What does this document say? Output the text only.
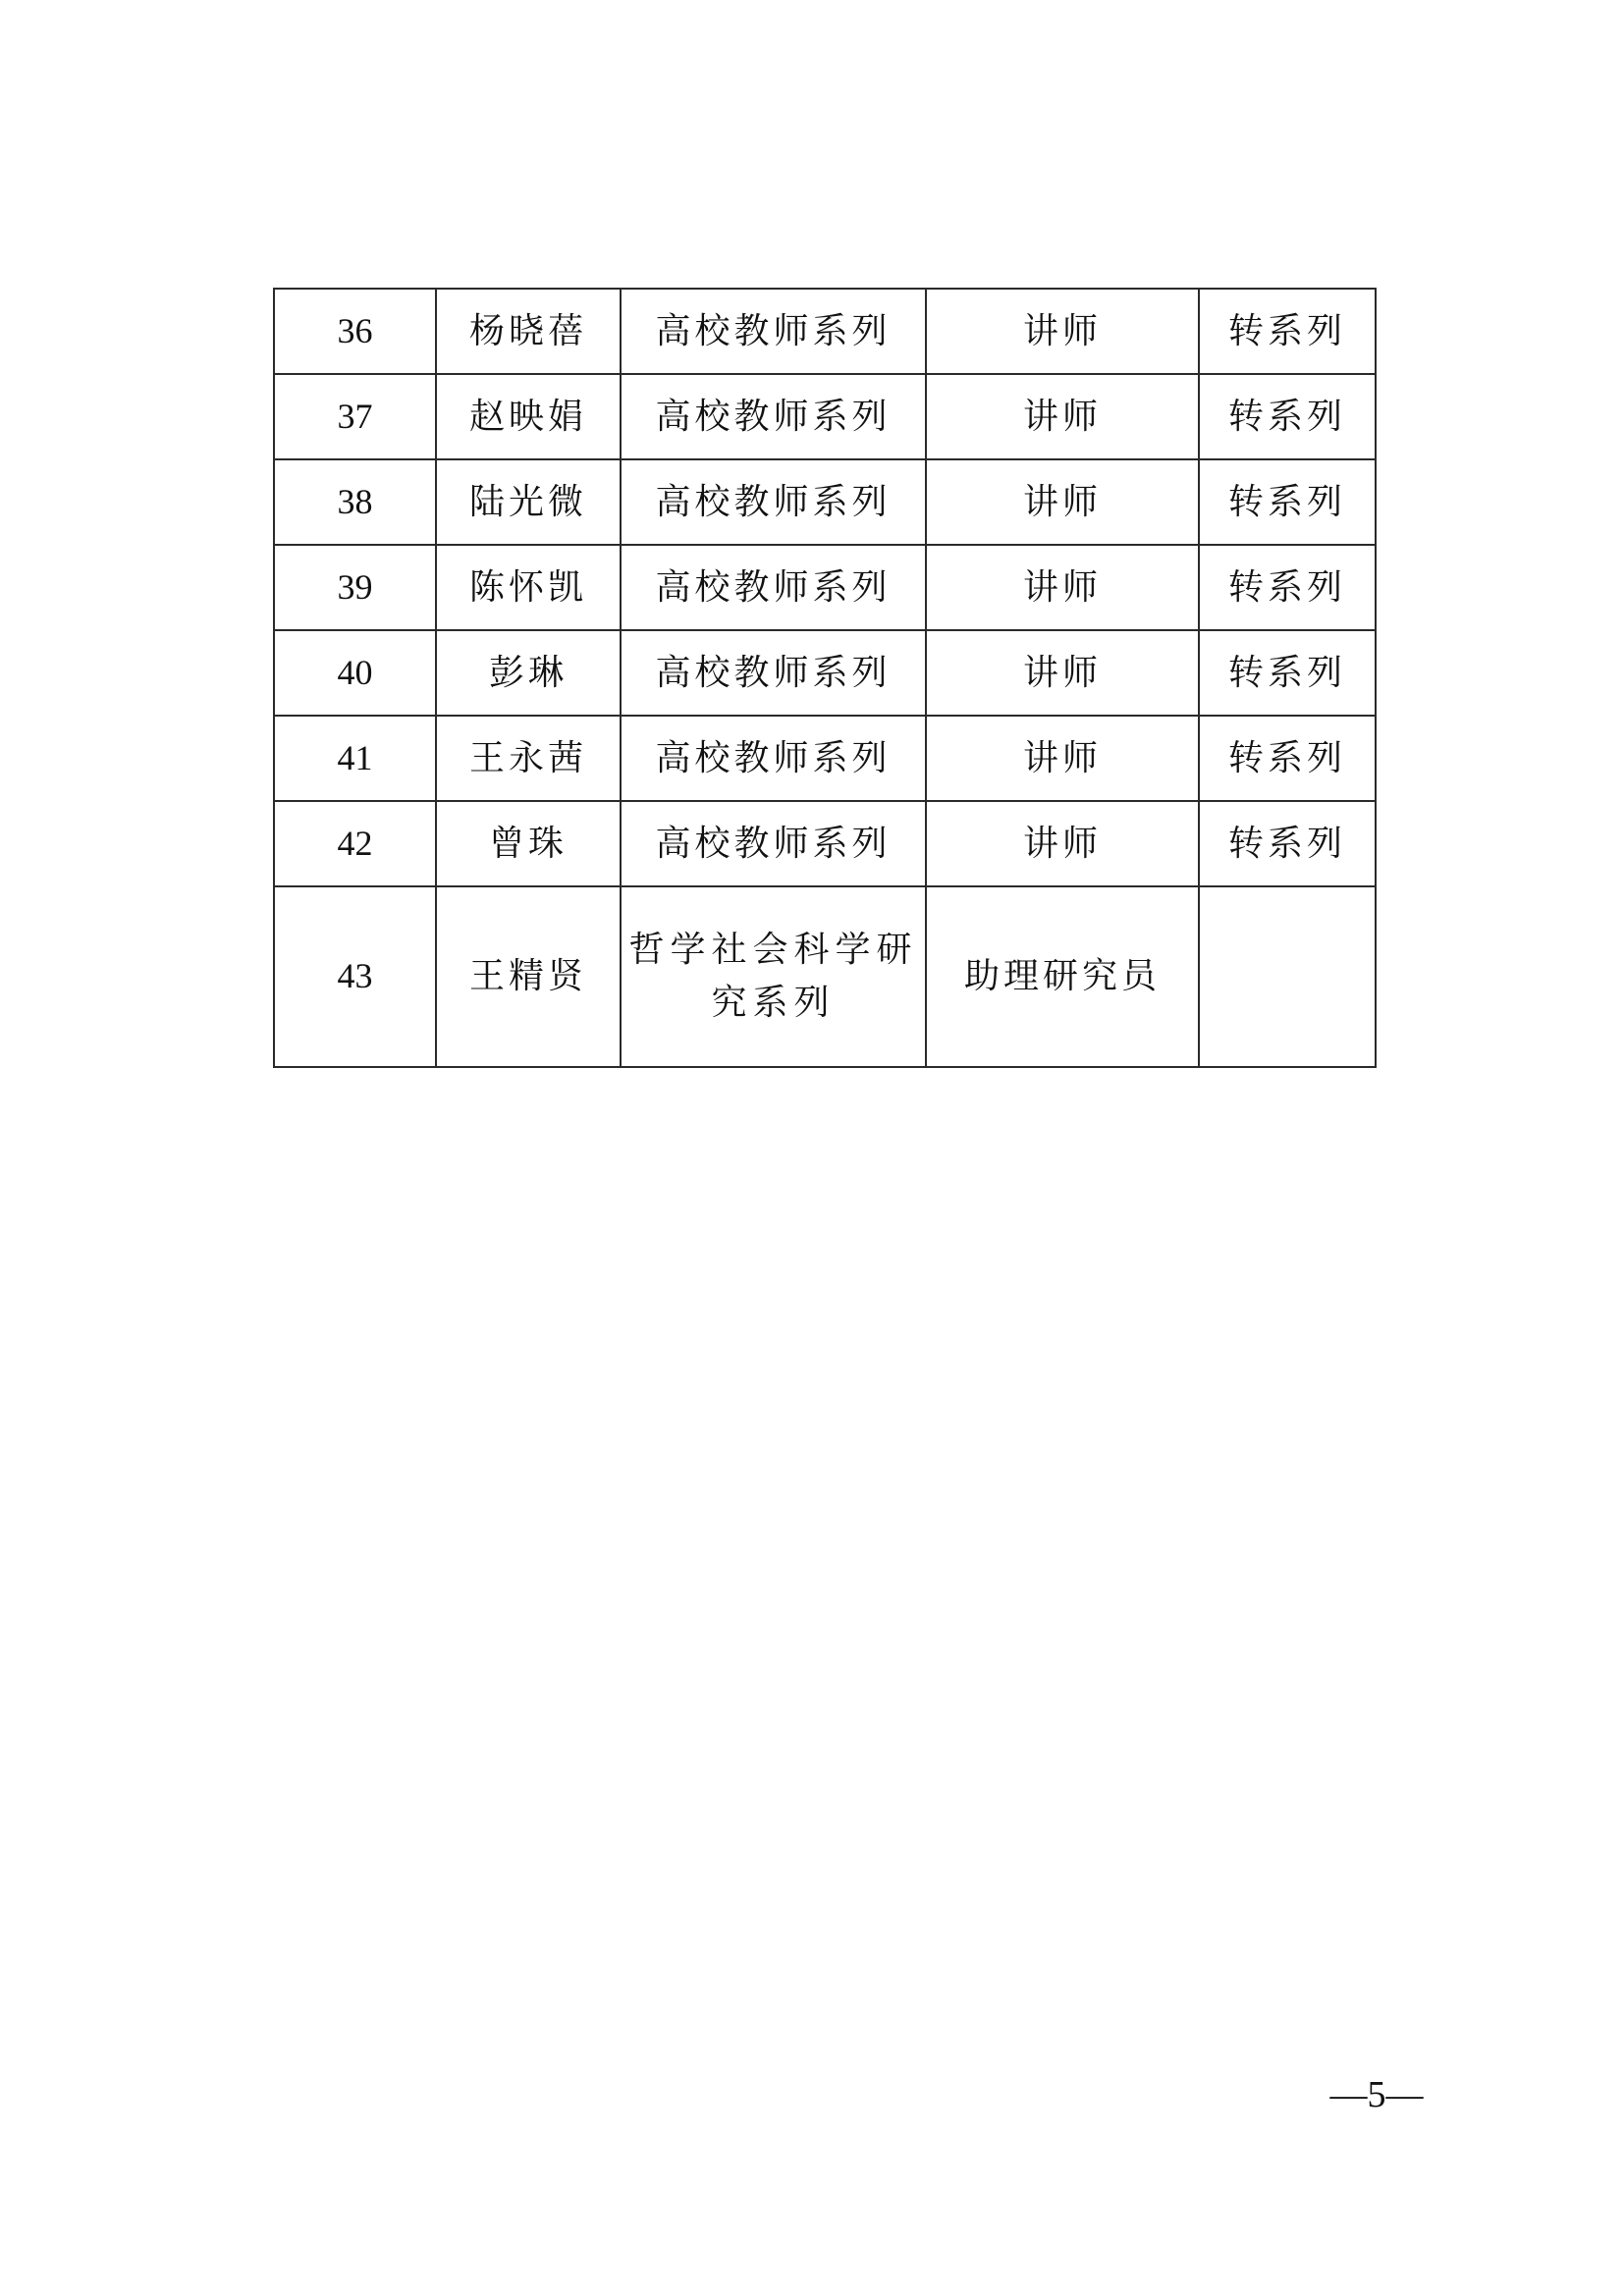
36	杨晓蓓	高校教师系列	讲师	转系列
37	赵映娟	高校教师系列	讲师	转系列
38	陆光微	高校教师系列	讲师	转系列
39	陈怀凯	高校教师系列	讲师	转系列
40	彭琳	高校教师系列	讲师	转系列
41	王永茜	高校教师系列	讲师	转系列
42	曾珠	高校教师系列	讲师	转系列
43	王精贤	哲学社会科学研究系列	助理研究员	
—5—
